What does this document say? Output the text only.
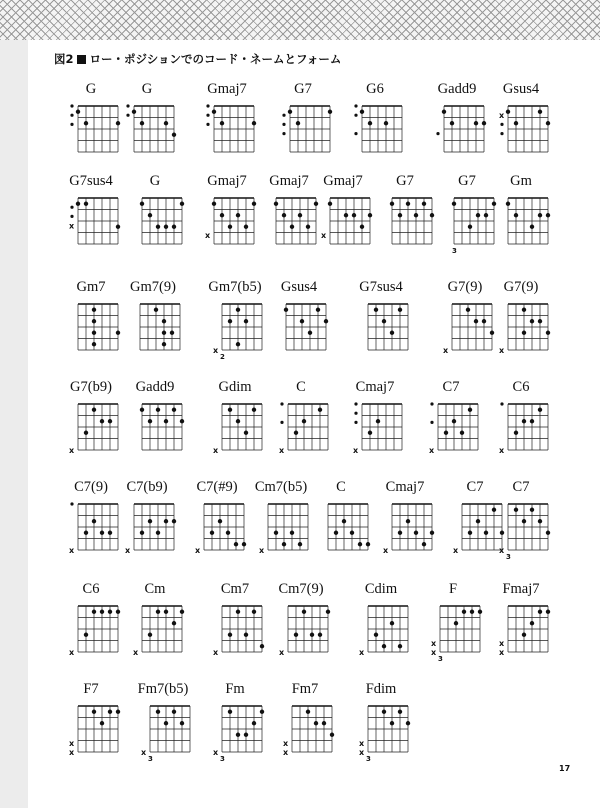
図2 ロー・ポジションでのコード・ネームとフォーム
G	G	Gmaj7	G7	G6	Gadd9	Gsus4
x
G7sus4
x
G	Gmaj7
x
Gmaj7	Gmaj7
x
G7	G7
3
Gm
Gm7	Gm7(9)	Gm7(b5)
x
2
Gsus4	G7sus4	G7(9)
x
G7(9)
x
G7(b9)
x
Gadd9	Gdim
x
C
x
Cmaj7
x
C7
x
C6
x
C7(9)
x
C7(b9)
x
C7(#9)
x
Cm7(b5)
x
C	Cmaj7
x
C7
x
C7
x
3
C6
x
Cm
x
Cm7
x
Cm7(9)
x
Cdim
x
F
x
x
3
Fmaj7
x
x
F7
x
x
Fm7(b5)
x
3
Fm
x
3
Fm7
x
x
Fdim
x
x
3
17
